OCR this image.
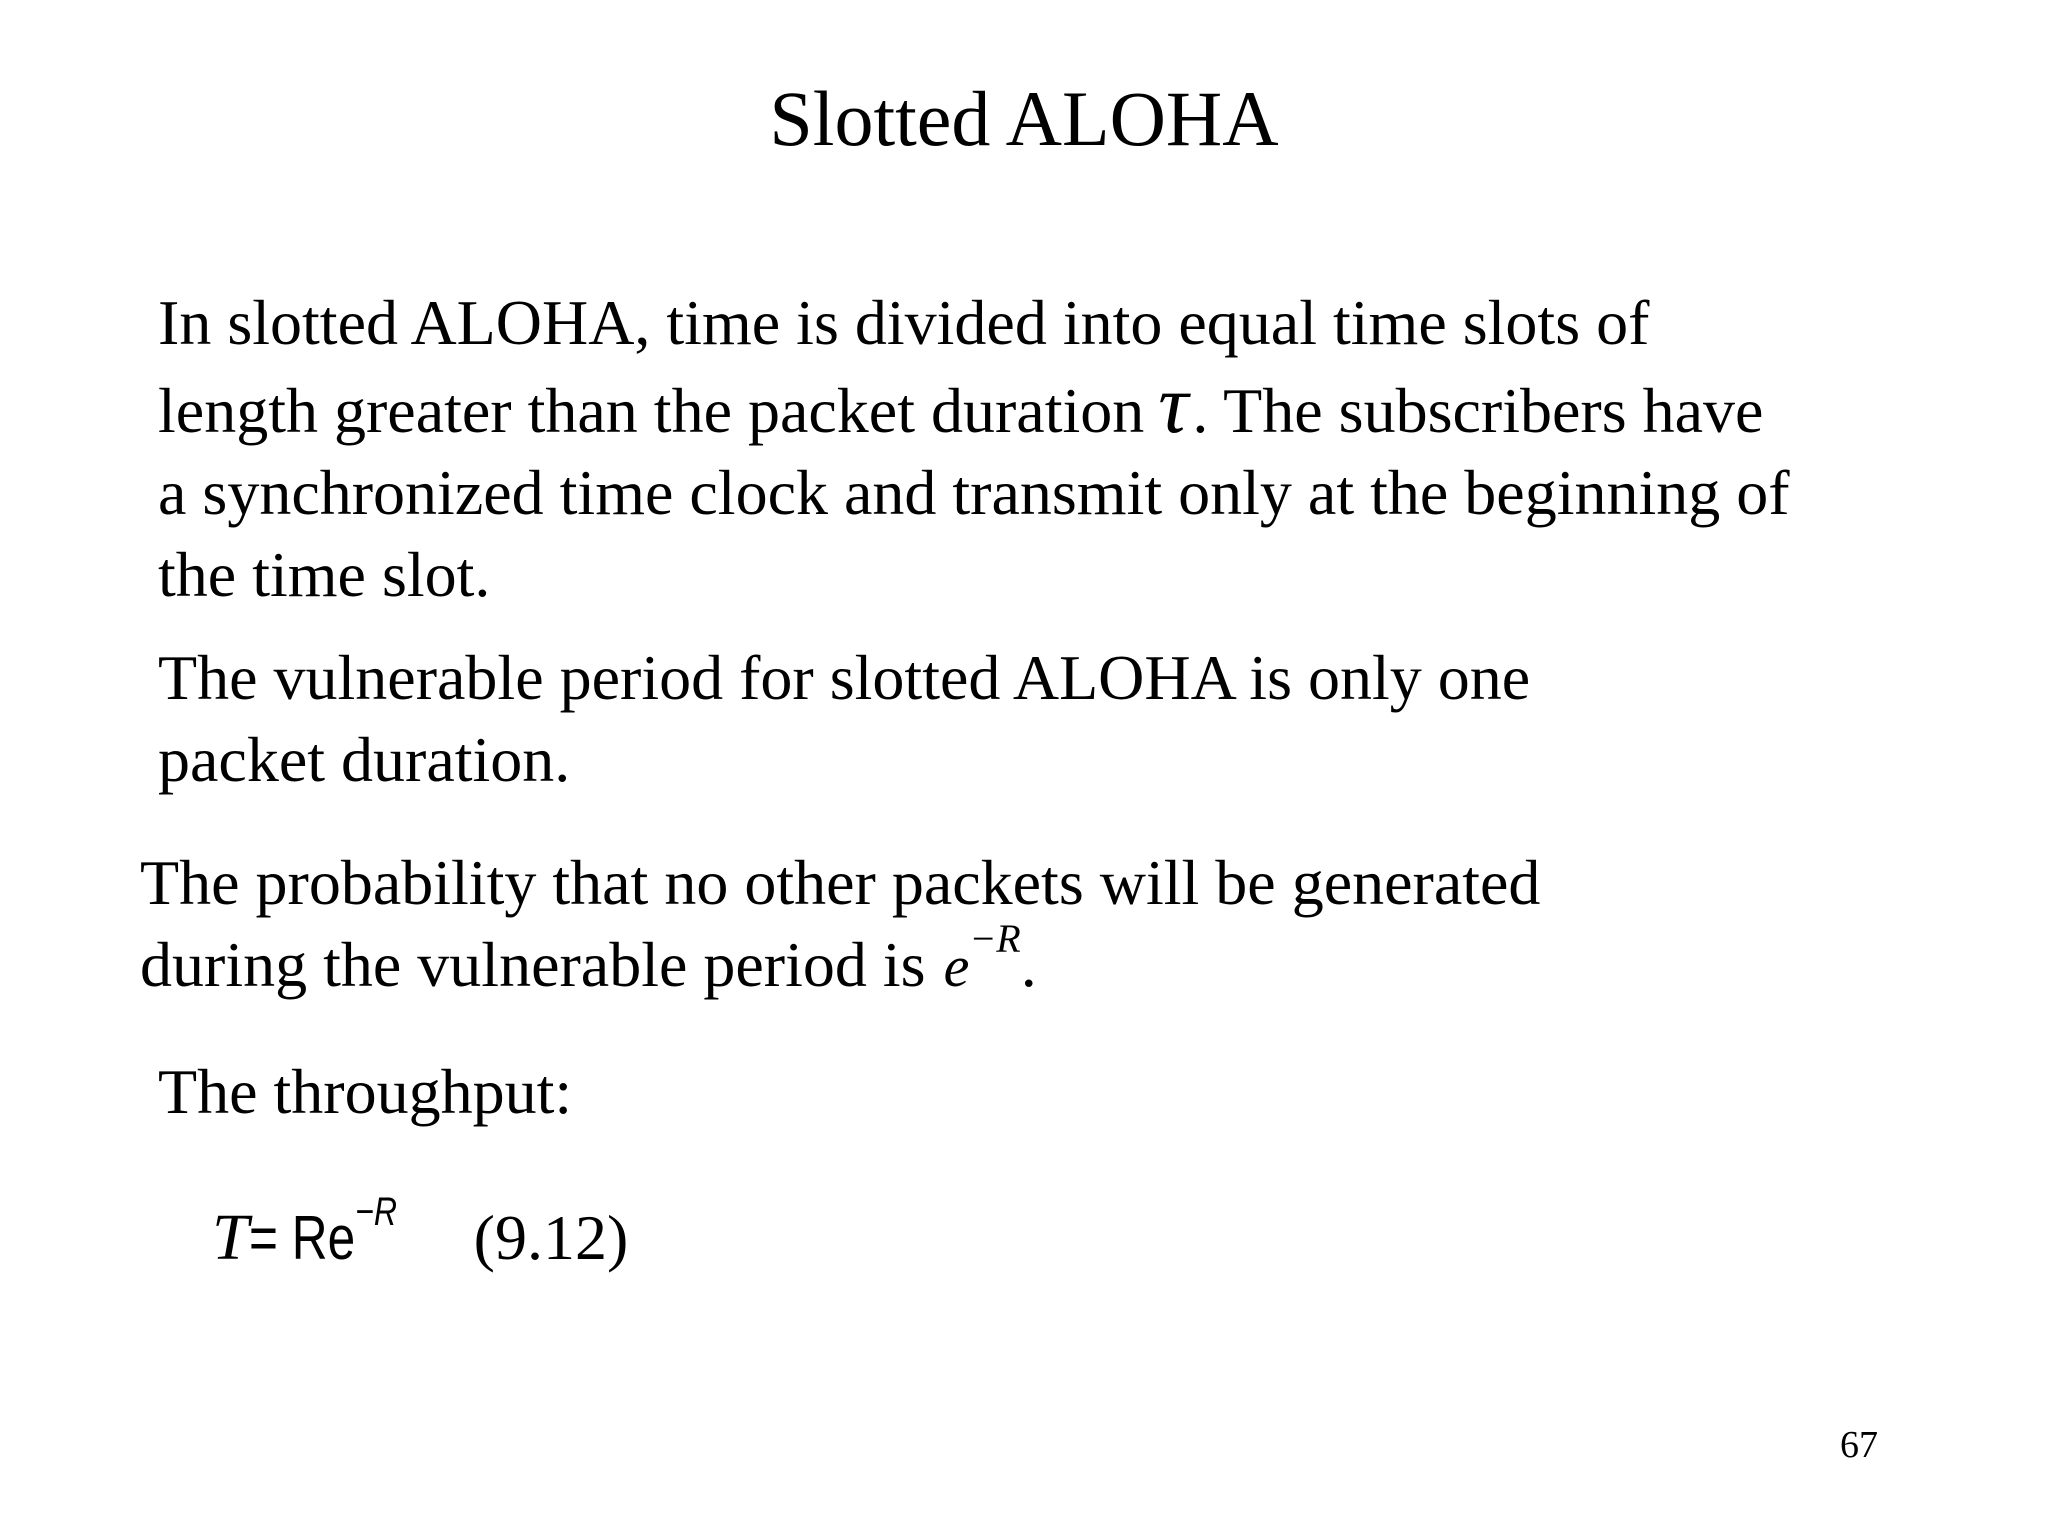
Slotted ALOHA
In slotted ALOHA, time is divided into equal time slots of
length greater than the packet duration τ. The subscribers have
a synchronized time clock and transmit only at the beginning of
the time slot.
The vulnerable period for slotted ALOHA is only one
packet duration.
The probability that no other packets will be generated
during the vulnerable period is $e^{-R}$.
The throughput:
$T= Re^{-R}$ (9.12)
67
